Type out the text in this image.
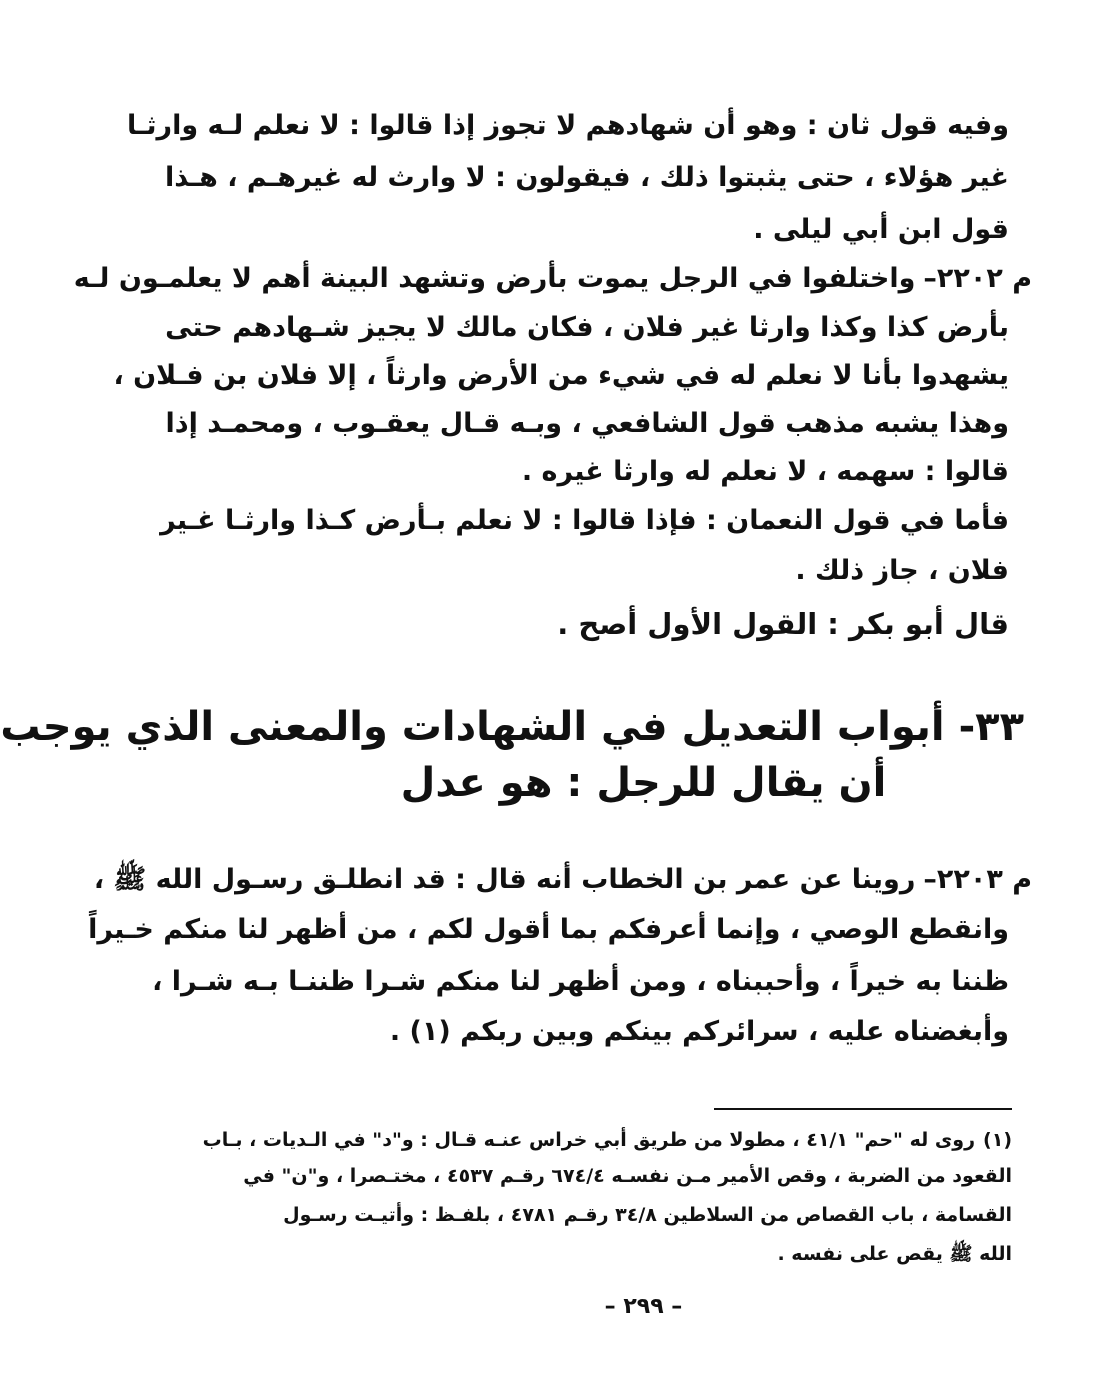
وفيه قول ثان : وهو أن شهادهم لا تجوز إذا قالوا : لا نعلم لـه وارثـا
غير هؤلاء ، حتى يثبتوا ذلك ، فيقولون : لا وارث له غيرهـم ، هـذا
قول ابن أبي ليلى .
م ٢٢٠٢–واختلفوا في الرجل يموت بأرض وتشهد البينة أهم لا يعلمـون لـه
بأرض كذا وكذا وارثا غير فلان ، فكان مالك لا يجيز شـهادهم حتى
يشهدوا بأنا لا نعلم له في شيء من الأرض وارثاً ، إلا فلان بن فـلان ،
وهذا يشبه مذهب قول الشافعي ، وبـه قـال يعقـوب ، ومحمـد إذا
قالوا : سهمه ، لا نعلم له وارثا غيره .
فأما في قول النعمان : فإذا قالوا : لا نعلم بـأرض كـذا وارثـا غـير
فلان ، جاز ذلك .
قال أبو بكر : القول الأول أصح .
٣٣- أبواب التعديل في الشهادات والمعنى الذي يوجب
أن يقال للرجل : هو عدل
م ٢٢٠٣–روينا عن عمر بن الخطاب أنه قال : قد انطلـق رسـول الله ﷺ ،
وانقطع الوصي ، وإنما أعرفكم بما أقول لكم ، من أظهر لنا منكم خـيراً
ظننا به خيراً ، وأحببناه ، ومن أظهر لنا منكم شـرا ظننـا بـه شـرا ،
وأبغضناه عليه ، سرائركم بينكم وبين ربكم (١) .
(١)روى له "حم" ٤١/١ ، مطولا من طريق أبي خراس عنـه قـال : و"د" في الـديات ، بـاب
القعود من الضربة ، وقص الأمير مـن نفسـه ٦٧٤/٤ رقـم ٤٥٣٧ ، مختـصرا ، و"ن" في
القسامة ، باب القصاص من السلاطين ٣٤/٨ رقـم ٤٧٨١ ، بلفـظ : وأتيـت رسـول
الله ﷺ يقص على نفسه .
– ٢٩٩ –
